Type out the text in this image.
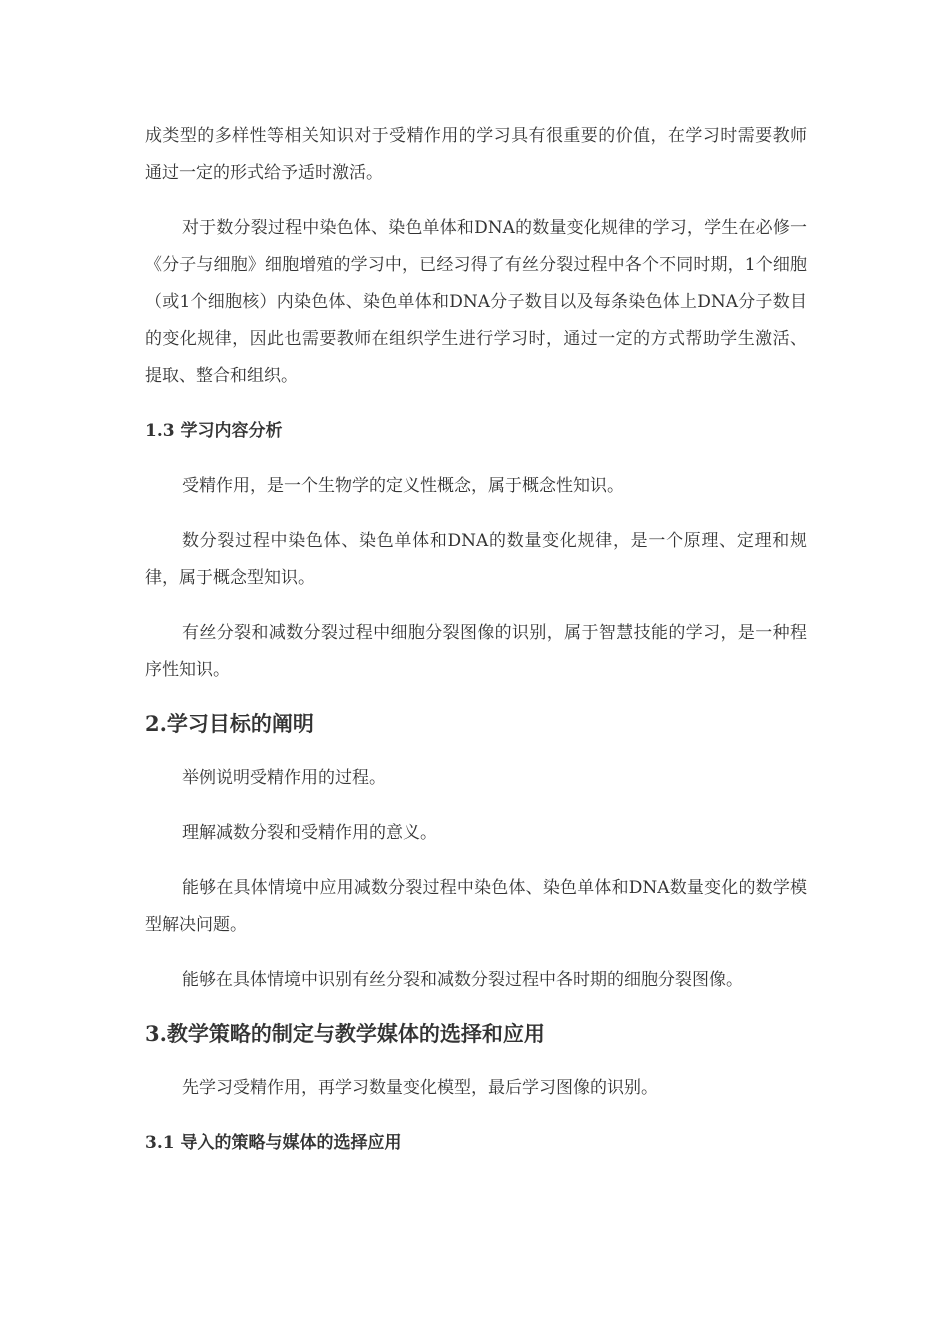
成类型的多样性等相关知识对于受精作用的学习具有很重要的价值，在学习时需要教师通过一定的形式给予适时激活。

对于数分裂过程中染色体、染色单体和DNA的数量变化规律的学习，学生在必修一《分子与细胞》细胞增殖的学习中，已经习得了有丝分裂过程中各个不同时期，1个细胞（或1个细胞核）内染色体、染色单体和DNA分子数目以及每条染色体上DNA分子数目的变化规律，因此也需要教师在组织学生进行学习时，通过一定的方式帮助学生激活、提取、整合和组织。

1.3 学习内容分析

受精作用，是一个生物学的定义性概念，属于概念性知识。

数分裂过程中染色体、染色单体和DNA的数量变化规律，是一个原理、定理和规律，属于概念型知识。

有丝分裂和减数分裂过程中细胞分裂图像的识别，属于智慧技能的学习，是一种程序性知识。

2.学习目标的阐明

举例说明受精作用的过程。

理解减数分裂和受精作用的意义。

能够在具体情境中应用减数分裂过程中染色体、染色单体和DNA数量变化的数学模型解决问题。

能够在具体情境中识别有丝分裂和减数分裂过程中各时期的细胞分裂图像。

3.教学策略的制定与教学媒体的选择和应用

先学习受精作用，再学习数量变化模型，最后学习图像的识别。

3.1 导入的策略与媒体的选择应用
